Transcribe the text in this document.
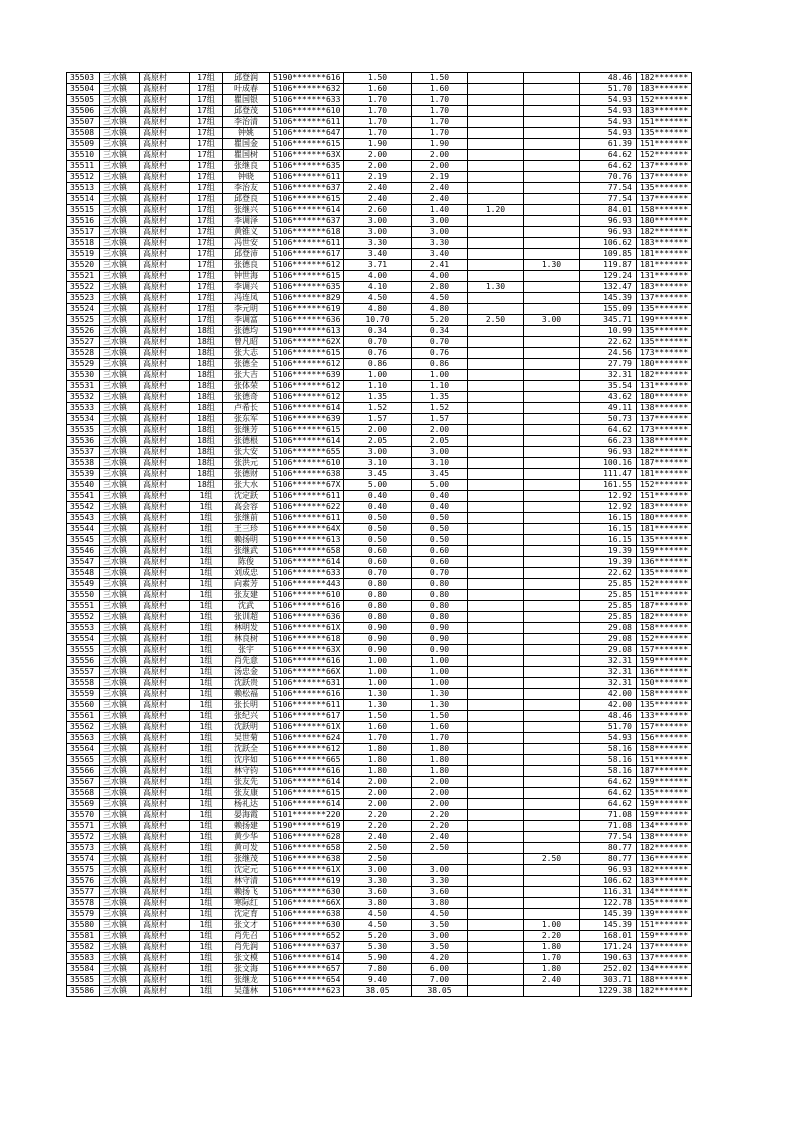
35503	三水镇	高原村	17组	邱登润	5190*******616	1.50	1.50			48.46	182*******
35504	三水镇	高原村	17组	叶成春	5106*******632	1.60	1.60			51.70	183*******
35505	三水镇	高原村	17组	瞿国银	5106*******633	1.70	1.70			54.93	152*******
35506	三水镇	高原村	17组	邱登茂	5106*******610	1.70	1.70			54.93	183*******
35507	三水镇	高原村	17组	李治清	5106*******611	1.70	1.70			54.93	151*******
35508	三水镇	高原村	17组	钟姚	5106*******647	1.70	1.70			54.93	135*******
35509	三水镇	高原村	17组	瞿国金	5106*******615	1.90	1.90			61.39	151*******
35510	三水镇	高原村	17组	瞿国树	5106*******63X	2.00	2.00			64.62	152*******
35511	三水镇	高原村	17组	张继良	5106*******635	2.00	2.00			64.62	137*******
35512	三水镇	高原村	17组	钟晓	5106*******611	2.19	2.19			70.76	137*******
35513	三水镇	高原村	17组	李治友	5106*******637	2.40	2.40			77.54	135*******
35514	三水镇	高原村	17组	邱登良	5106*******615	2.40	2.40			77.54	137*******
35515	三水镇	高原村	17组	张继兴	5106*******614	2.60	1.40	1.20		84.01	158*******
35516	三水镇	高原村	17组	李调泽	5106*******637	3.00	3.00			96.93	180*******
35517	三水镇	高原村	17组	黄锥义	5106*******618	3.00	3.00			96.93	182*******
35518	三水镇	高原村	17组	冯世安	5106*******611	3.30	3.30			106.62	183*******
35519	三水镇	高原村	17组	邱登沛	5106*******617	3.40	3.40			109.85	181*******
35520	三水镇	高原村	17组	张德良	5106*******612	3.71	2.41		1.30	119.87	181*******
35521	三水镇	高原村	17组	钟世海	5106*******615	4.00	4.00			129.24	131*******
35522	三水镇	高原村	17组	李调兴	5106*******635	4.10	2.80	1.30		132.47	183*******
35523	三水镇	高原村	17组	冯连凤	5106*******829	4.50	4.50			145.39	137*******
35524	三水镇	高原村	17组	李元明	5106*******619	4.80	4.80			155.09	135*******
35525	三水镇	高原村	17组	李调富	5106*******636	10.70	5.20	2.50	3.00	345.71	199*******
35526	三水镇	高原村	18组	张德均	5190*******613	0.34	0.34			10.99	135*******
35527	三水镇	高原村	18组	曾凡昭	5106*******62X	0.70	0.70			22.62	135*******
35528	三水镇	高原村	18组	张大志	5106*******615	0.76	0.76			24.56	173*******
35529	三水镇	高原村	18组	张德全	5106*******612	0.86	0.86			27.79	180*******
35530	三水镇	高原村	18组	张大吉	5106*******639	1.00	1.00			32.31	182*******
35531	三水镇	高原村	18组	张体荣	5106*******612	1.10	1.10			35.54	131*******
35532	三水镇	高原村	18组	张德奇	5106*******612	1.35	1.35			43.62	180*******
35533	三水镇	高原村	18组	卢希长	5106*******614	1.52	1.52			49.11	138*******
35534	三水镇	高原村	18组	张东军	5106*******639	1.57	1.57			50.73	137*******
35535	三水镇	高原村	18组	张继芳	5106*******615	2.00	2.00			64.62	173*******
35536	三水镇	高原村	18组	张德根	5106*******614	2.05	2.05			66.23	138*******
35537	三水镇	高原村	18组	张大安	5106*******655	3.00	3.00			96.93	182*******
35538	三水镇	高原村	18组	张洪元	5106*******610	3.10	3.10			100.16	187*******
35539	三水镇	高原村	18组	张德财	5106*******638	3.45	3.45			111.47	181*******
35540	三水镇	高原村	18组	张大水	5106*******67X	5.00	5.00			161.55	152*******
35541	三水镇	高原村	1组	沈定跃	5106*******611	0.40	0.40			12.92	151*******
35542	三水镇	高原村	1组	高会容	5106*******622	0.40	0.40			12.92	183*******
35543	三水镇	高原村	1组	张继前	5106*******611	0.50	0.50			16.15	180*******
35544	三水镇	高原村	1组	王三珍	5106*******64X	0.50	0.50			16.15	181*******
35545	三水镇	高原村	1组	赖扬明	5190*******613	0.50	0.50			16.15	135*******
35546	三水镇	高原村	1组	张继武	5106*******658	0.60	0.60			19.39	159*******
35547	三水镇	高原村	1组	陈俊	5106*******614	0.60	0.60			19.39	136*******
35548	三水镇	高原村	1组	刘成忠	5106*******633	0.70	0.70			22.62	135*******
35549	三水镇	高原村	1组	向素芳	5106*******443	0.80	0.80			25.85	152*******
35550	三水镇	高原村	1组	张友建	5106*******610	0.80	0.80			25.85	151*******
35551	三水镇	高原村	1组	沈武	5106*******616	0.80	0.80			25.85	187*******
35552	三水镇	高原村	1组	张训超	5106*******636	0.80	0.80			25.85	182*******
35553	三水镇	高原村	1组	林明发	5106*******61X	0.90	0.90			29.08	158*******
35554	三水镇	高原村	1组	林良树	5106*******618	0.90	0.90			29.08	152*******
35555	三水镇	高原村	1组	张宇	5106*******63X	0.90	0.90			29.08	157*******
35556	三水镇	高原村	1组	肖先意	5106*******616	1.00	1.00			32.31	159*******
35557	三水镇	高原村	1组	汤忠金	5106*******66X	1.00	1.00			32.31	136*******
35558	三水镇	高原村	1组	沈跃贵	5106*******631	1.00	1.00			32.31	150*******
35559	三水镇	高原村	1组	赖松福	5106*******616	1.30	1.30			42.00	158*******
35560	三水镇	高原村	1组	张长明	5106*******611	1.30	1.30			42.00	135*******
35561	三水镇	高原村	1组	张纪兴	5106*******617	1.50	1.50			48.46	133*******
35562	三水镇	高原村	1组	沈跃明	5106*******61X	1.60	1.60			51.70	157*******
35563	三水镇	高原村	1组	吴世菊	5106*******624	1.70	1.70			54.93	156*******
35564	三水镇	高原村	1组	沈跃全	5106*******612	1.80	1.80			58.16	158*******
35565	三水镇	高原村	1组	沈序如	5106*******665	1.80	1.80			58.16	151*******
35566	三水镇	高原村	1组	林守钧	5106*******616	1.80	1.80			58.16	187*******
35567	三水镇	高原村	1组	张友先	5106*******614	2.00	2.00			64.62	159*******
35568	三水镇	高原村	1组	张友康	5106*******615	2.00	2.00			64.62	135*******
35569	三水镇	高原村	1组	杨礼达	5106*******614	2.00	2.00			64.62	159*******
35570	三水镇	高原村	1组	晏海霞	5101*******220	2.20	2.20			71.08	159*******
35571	三水镇	高原村	1组	赖扬建	5190*******619	2.20	2.20			71.08	134*******
35572	三水镇	高原村	1组	黄少华	5106*******628	2.40	2.40			77.54	138*******
35573	三水镇	高原村	1组	黄可发	5106*******658	2.50	2.50			80.77	182*******
35574	三水镇	高原村	1组	张继茂	5106*******638	2.50			2.50	80.77	136*******
35575	三水镇	高原村	1组	沈定元	5106*******61X	3.00	3.00			96.93	182*******
35576	三水镇	高原村	1组	林守清	5106*******619	3.30	3.30			106.62	183*******
35577	三水镇	高原村	1组	赖扬飞	5106*******630	3.60	3.60			116.31	134*******
35578	三水镇	高原村	1组	寒际红	5106*******66X	3.80	3.80			122.78	135*******
35579	三水镇	高原村	1组	沈定育	5106*******638	4.50	4.50			145.39	139*******
35580	三水镇	高原村	1组	张文才	5106*******630	4.50	3.50		1.00	145.39	151*******
35581	三水镇	高原村	1组	肖先召	5106*******652	5.20	3.00		2.20	168.01	159*******
35582	三水镇	高原村	1组	肖先润	5106*******637	5.30	3.50		1.80	171.24	137*******
35583	三水镇	高原村	1组	张文模	5106*******614	5.90	4.20		1.70	190.63	137*******
35584	三水镇	高原村	1组	张文海	5106*******657	7.80	6.00		1.80	252.02	134*******
35585	三水镇	高原村	1组	张继龙	5106*******654	9.40	7.00		2.40	303.71	188*******
35586	三水镇	高原村	1组	吴蓬林	5106*******623	38.05	38.05			1229.38	182*******
